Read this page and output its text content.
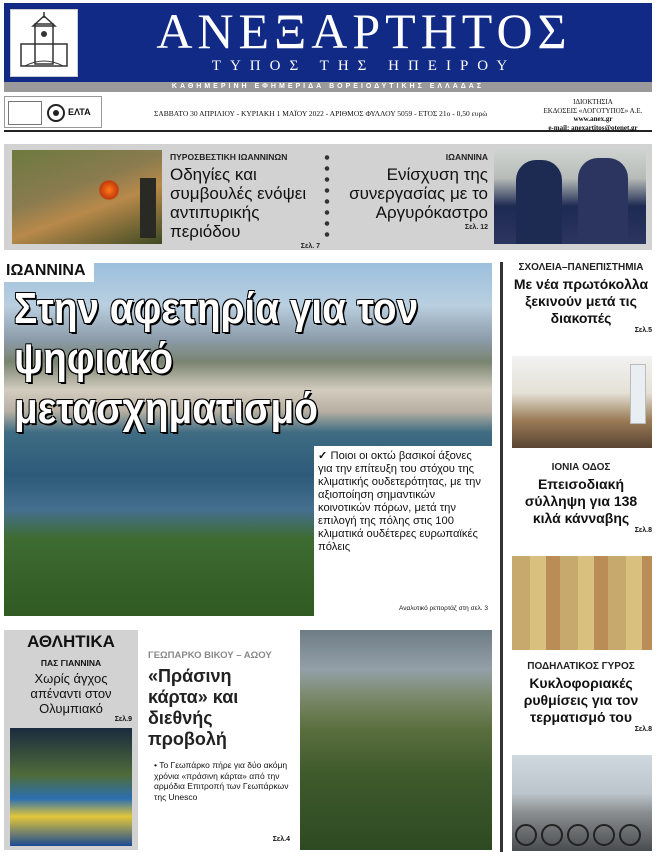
ΑΝΕΞΑΡΤΗΤΟΣ
ΤΥΠΟΣ ΤΗΣ ΗΠΕΙΡΟΥ
ΚΑΘΗΜΕΡΙΝΗ ΕΦΗΜΕΡΙΔΑ ΒΟΡΕΙΟΔΥΤΙΚΗΣ ΕΛΛΑΔΑΣ
ΕΛΤΑ	ΣΑΒΒΑΤΟ 30 ΑΠΡΙΛΙΟΥ - ΚΥΡΙΑΚΗ 1 ΜΑΪΟΥ 2022 - ΑΡΙΘΜΟΣ ΦΥΛΛΟΥ 5059 - ΕΤΟΣ 21ο - 0,50 ευρώ
ΙΔΙΟΚΤΗΣΙΑ
ΕΚΔΟΣΕΙΣ «ΛΟΓΟΤΥΠΟΣ» Α.Ε.
www.anex.gr
e-mail: anexartitos@otenet.gr
ΠΥΡΟΣΒΕΣΤΙΚΗ ΙΩΑΝΝΙΝΩΝ
Οδηγίες και συμβουλές ενόψει αντιπυρικής περιόδου
Σελ. 7
ΙΩΑΝΝΙΝΑ
Ενίσχυση της συνεργασίας με το Αργυρόκαστρο
Σελ. 12
ΙΩΑΝΝΙΝΑ
Στην αφετηρία για τον ψηφιακό μετασχηματισμό
✓ Ποιοι οι οκτώ βασικοί άξονες για την επίτευξη του στόχου της κλιματικής ουδετερότητας, με την αξιοποίηση σημαντικών κοινοτικών πόρων, μετά την επιλογή της πόλης στις 100 κλιματικά ουδέτερες ευρωπαϊκές πόλεις
Αναλυτικό ρεπορτάζ στη σελ. 3
ΣΧΟΛΕΙΑ–ΠΑΝΕΠΙΣΤΗΜΙΑ
Με νέα πρωτόκολλα ξεκινούν μετά τις διακοπές
Σελ.5
ΙΟΝΙΑ ΟΔΟΣ
Επεισοδιακή σύλληψη για 138 κιλά κάνναβης
Σελ.8
ΠΟΔΗΛΑΤΙΚΟΣ ΓΥΡΟΣ
Κυκλοφοριακές ρυθμίσεις για τον τερματισμό του
Σελ.8
ΑΘΛΗΤΙΚΑ
ΠΑΣ ΓΙΑΝΝΙΝΑ
Χωρίς άγχος απέναντι στον Ολυμπιακό
Σελ.9
ΓΕΩΠΑΡΚΟ ΒΙΚΟΥ – ΑΩΟΥ
«Πράσινη κάρτα» και διεθνής προβολή
• Το Γεωπάρκο πήρε για δύο ακόμη χρόνια «πράσινη κάρτα» από την αρμόδια Επιτροπή των Γεωπάρκων της Unesco
Σελ.4
